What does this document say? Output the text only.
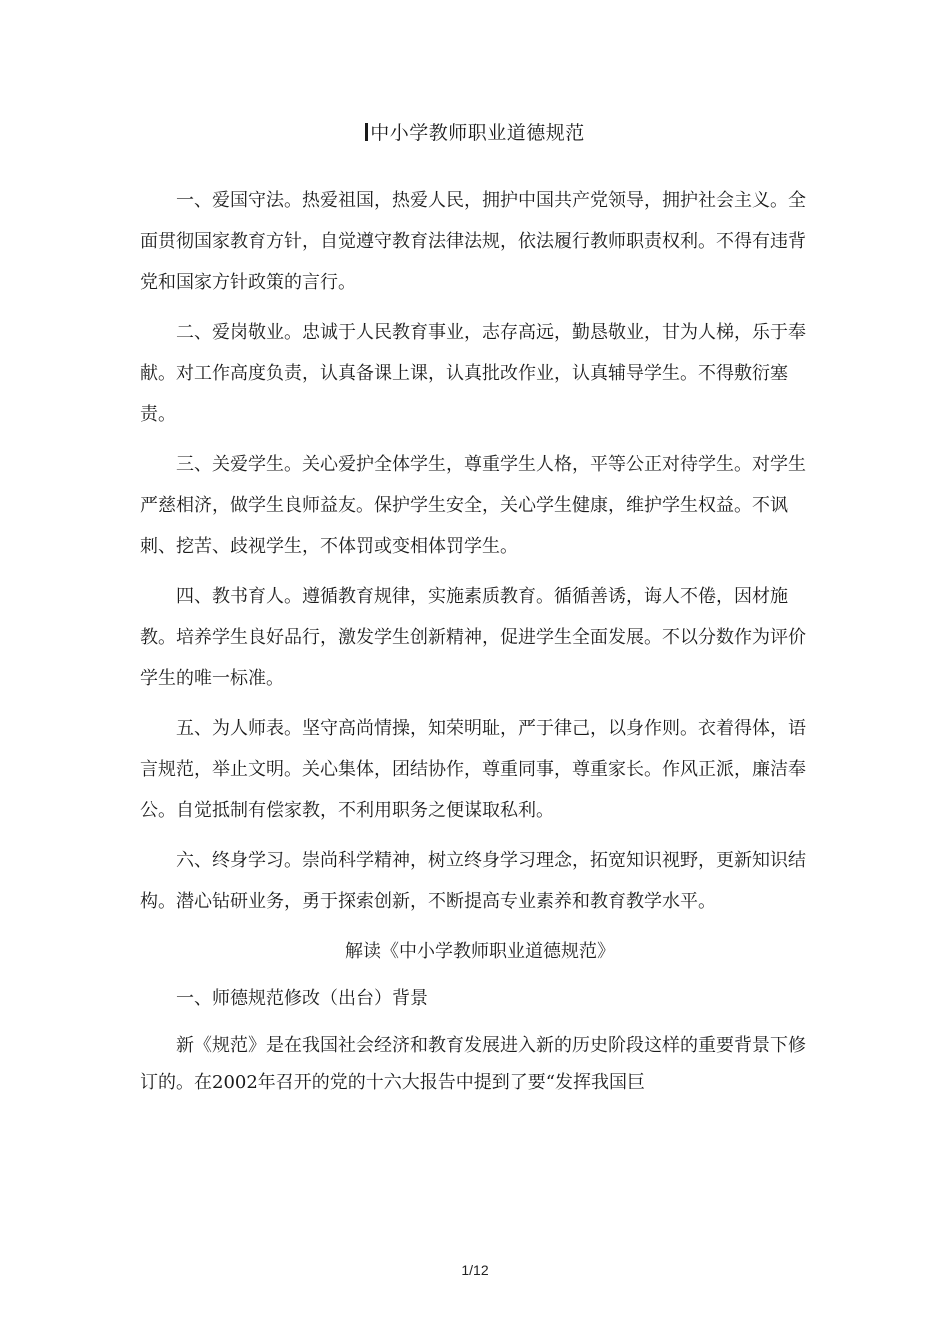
中小学教师职业道德规范

一、爱国守法。热爱祖国，热爱人民，拥护中国共产党领导，拥护社会主义。全面贯彻国家教育方针，自觉遵守教育法律法规，依法履行教师职责权利。不得有违背党和国家方针政策的言行。

二、爱岗敬业。忠诚于人民教育事业，志存高远，勤恳敬业，甘为人梯，乐于奉献。对工作高度负责，认真备课上课，认真批改作业，认真辅导学生。不得敷衍塞责。

三、关爱学生。关心爱护全体学生，尊重学生人格，平等公正对待学生。对学生严慈相济，做学生良师益友。保护学生安全，关心学生健康，维护学生权益。不讽刺、挖苦、歧视学生，不体罚或变相体罚学生。

四、教书育人。遵循教育规律，实施素质教育。循循善诱，诲人不倦，因材施教。培养学生良好品行，激发学生创新精神，促进学生全面发展。不以分数作为评价学生的唯一标准。

五、为人师表。坚守高尚情操，知荣明耻，严于律己，以身作则。衣着得体，语言规范，举止文明。关心集体，团结协作，尊重同事，尊重家长。作风正派，廉洁奉公。自觉抵制有偿家教，不利用职务之便谋取私利。

六、终身学习。崇尚科学精神，树立终身学习理念，拓宽知识视野，更新知识结构。潜心钻研业务，勇于探索创新，不断提高专业素养和教育教学水平。

解读《中小学教师职业道德规范》

一、师德规范修改（出台）背景

新《规范》是在我国社会经济和教育发展进入新的历史阶段这样的重要背景下修订的。在2002年召开的党的十六大报告中提到了要“发挥我国巨

1/12
